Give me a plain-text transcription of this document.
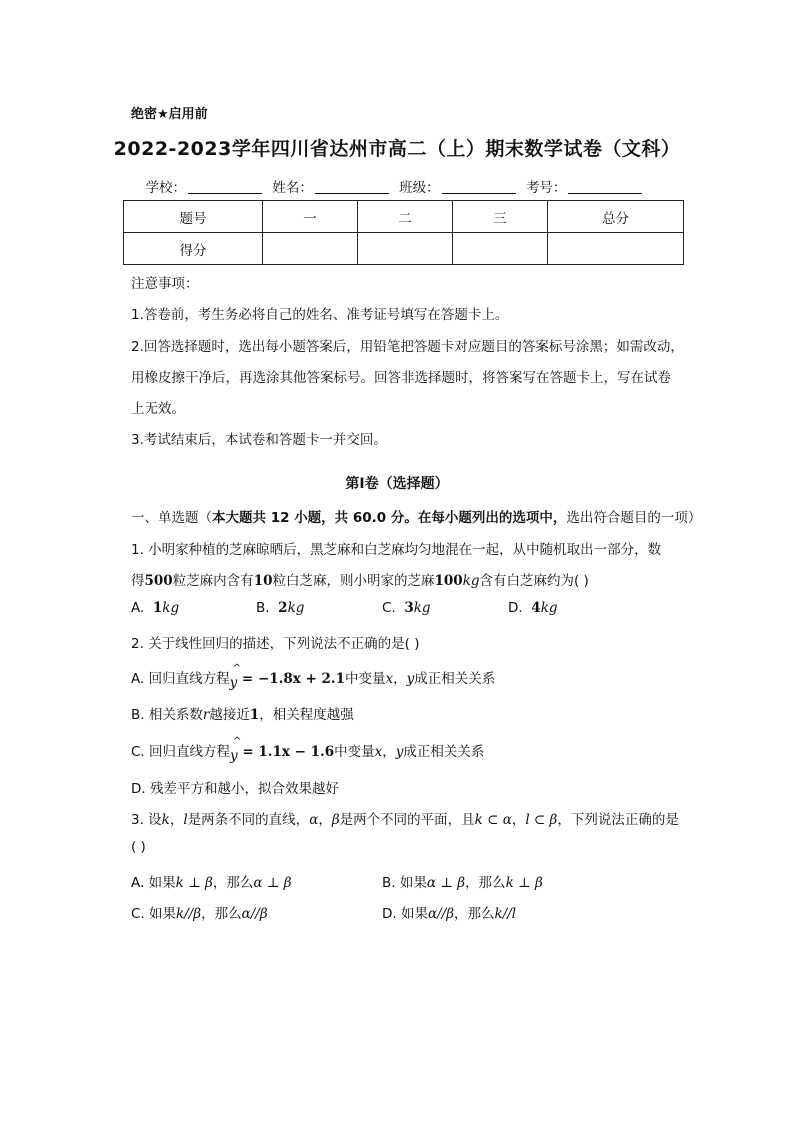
绝密★启用前
2022-2023学年四川省达州市高二（上）期末数学试卷（文科）
学校：	姓名：	班级：	考号：
题号	一	二	三	总分
得分				
注意事项：
1.答卷前，考生务必将自己的姓名、准考证号填写在答题卡上。
2.回答选择题时，选出每小题答案后，用铅笔把答题卡对应题目的答案标号涂黑；如需改动，
用橡皮擦干净后，再选涂其他答案标号。回答非选择题时，将答案写在答题卡上，写在试卷
上无效。
3.考试结束后，本试卷和答题卡一并交回。
第Ⅰ卷（选择题）
一、单选题（本大题共 12 小题，共 60.0 分。在每小题列出的选项中，选出符合题目的一项）
1. 小明家种植的芝麻晾晒后，黑芝麻和白芝麻均匀地混在一起，从中随机取出一部分，数
得500粒芝麻内含有10粒白芝麻，则小明家的芝麻100kg含有白芝麻约为( )
A. 1kg	B. 2kg	C. 3kg	D. 4kg
2. 关于线性回归的描述，下列说法不正确的是( )
A. 回归直线方程
^
y = −1.8x + 2.1中变量x，y成正相关关系
B. 相关系数r越接近1，相关程度越强
C. 回归直线方程
^
y = 1.1x − 1.6中变量x，y成正相关关系
D. 残差平方和越小，拟合效果越好
3. 设k，l是两条不同的直线，α，β是两个不同的平面，且k ⊂ α，l ⊂ β，下列说法正确的是
( )
A. 如果k ⊥ β，那么α ⊥ β	B. 如果α ⊥ β，那么k ⊥ β
C. 如果k//β，那么α//β	D. 如果α//β，那么k//l
